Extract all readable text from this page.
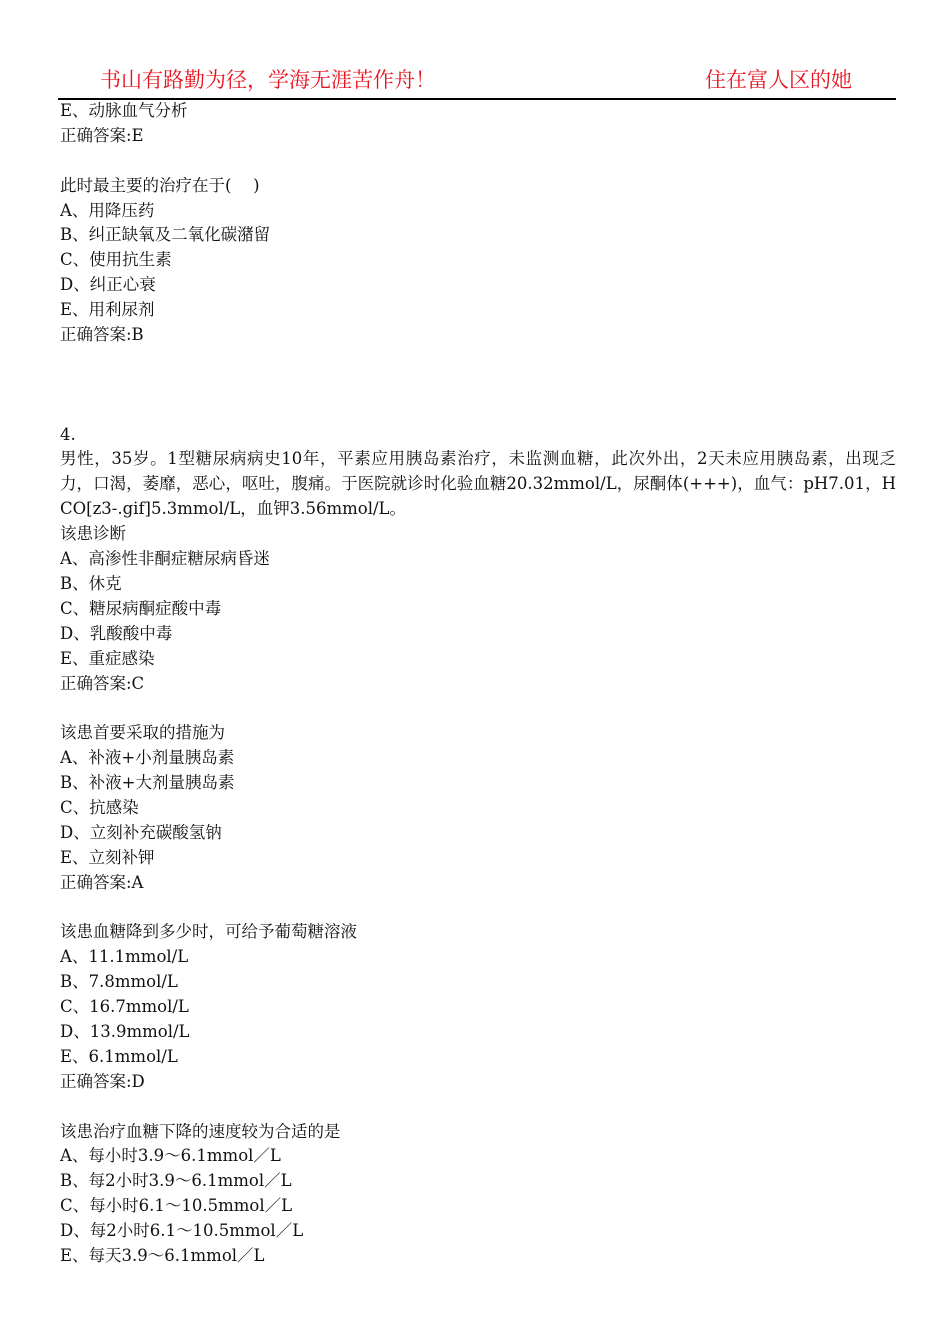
书山有路勤为径，学海无涯苦作舟！	住在富人区的她
E、动脉血气分析
正确答案:E
此时最主要的治疗在于(　 )
A、用降压药
B、纠正缺氧及二氧化碳潴留
C、使用抗生素
D、纠正心衰
E、用利尿剂
正确答案:B
4.
男性，35岁。1型糖尿病病史10年，平素应用胰岛素治疗，未监测血糖，此次外出，2天未应用胰岛素，出现乏力，口渴，萎靡，恶心，呕吐，腹痛。于医院就诊时化验血糖20.32mmol/L，尿酮体(+++)，血气：pH7.01，HCO[z3-.gif]5.3mmol/L，血钾3.56mmol/L。
该患诊断
A、高渗性非酮症糖尿病昏迷
B、休克
C、糖尿病酮症酸中毒
D、乳酸酸中毒
E、重症感染
正确答案:C
该患首要采取的措施为
A、补液+小剂量胰岛素
B、补液+大剂量胰岛素
C、抗感染
D、立刻补充碳酸氢钠
E、立刻补钾
正确答案:A
该患血糖降到多少时，可给予葡萄糖溶液
A、11.1mmol/L
B、7.8mmol/L
C、16.7mmol/L
D、13.9mmol/L
E、6.1mmol/L
正确答案:D
该患治疗血糖下降的速度较为合适的是
A、每小时3.9～6.1mmol／L
B、每2小时3.9～6.1mmol／L
C、每小时6.1～10.5mmol／L
D、每2小时6.1～10.5mmol／L
E、每天3.9～6.1mmol／L
